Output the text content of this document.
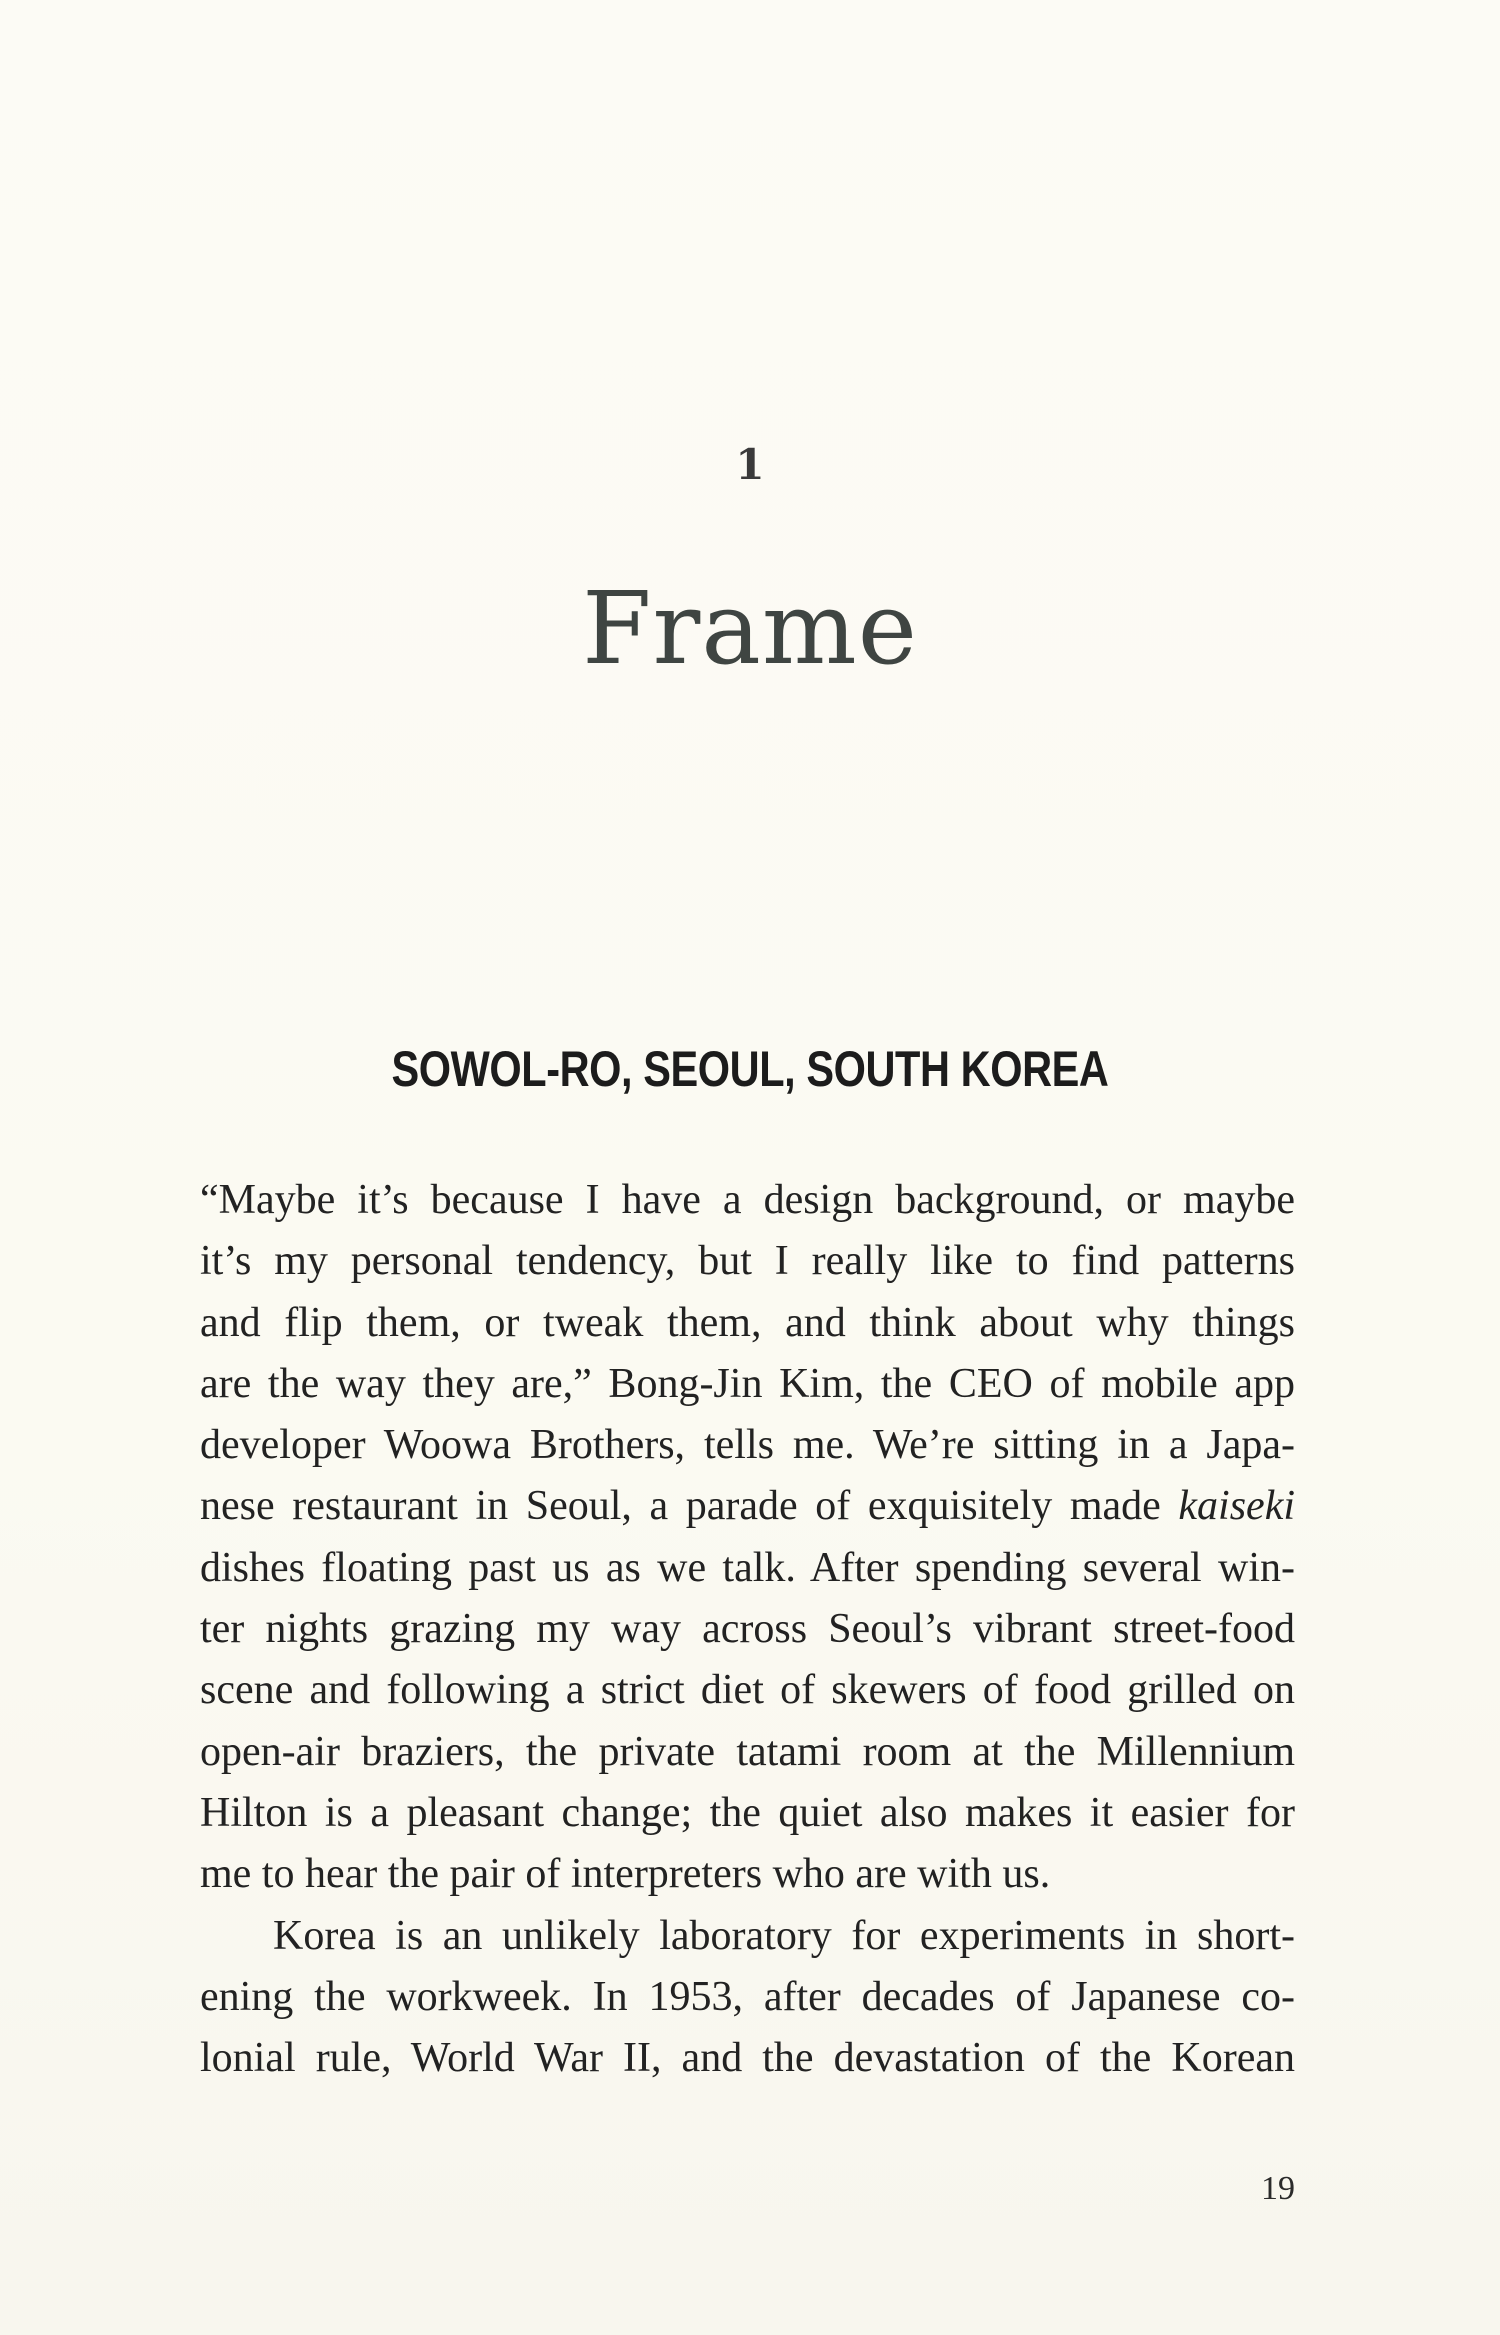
1
Frame
SOWOL-RO, SEOUL, SOUTH KOREA
“Maybe it’s because I have a design background, or maybe
it’s my personal tendency, but I really like to find patterns
and flip them, or tweak them, and think about why things
are the way they are,” Bong-Jin Kim, the CEO of mobile app
developer Woowa Brothers, tells me. We’re sitting in a Japa-
nese restaurant in Seoul, a parade of exquisitely made kaiseki
dishes floating past us as we talk. After spending several win-
ter nights grazing my way across Seoul’s vibrant street-food
scene and following a strict diet of skewers of food grilled on
open-air braziers, the private tatami room at the Millennium
Hilton is a pleasant change; the quiet also makes it easier for
me to hear the pair of interpreters who are with us.
Korea is an unlikely laboratory for experiments in short-
ening the workweek. In 1953, after decades of Japanese co-
lonial rule, World War II, and the devastation of the Korean
19
